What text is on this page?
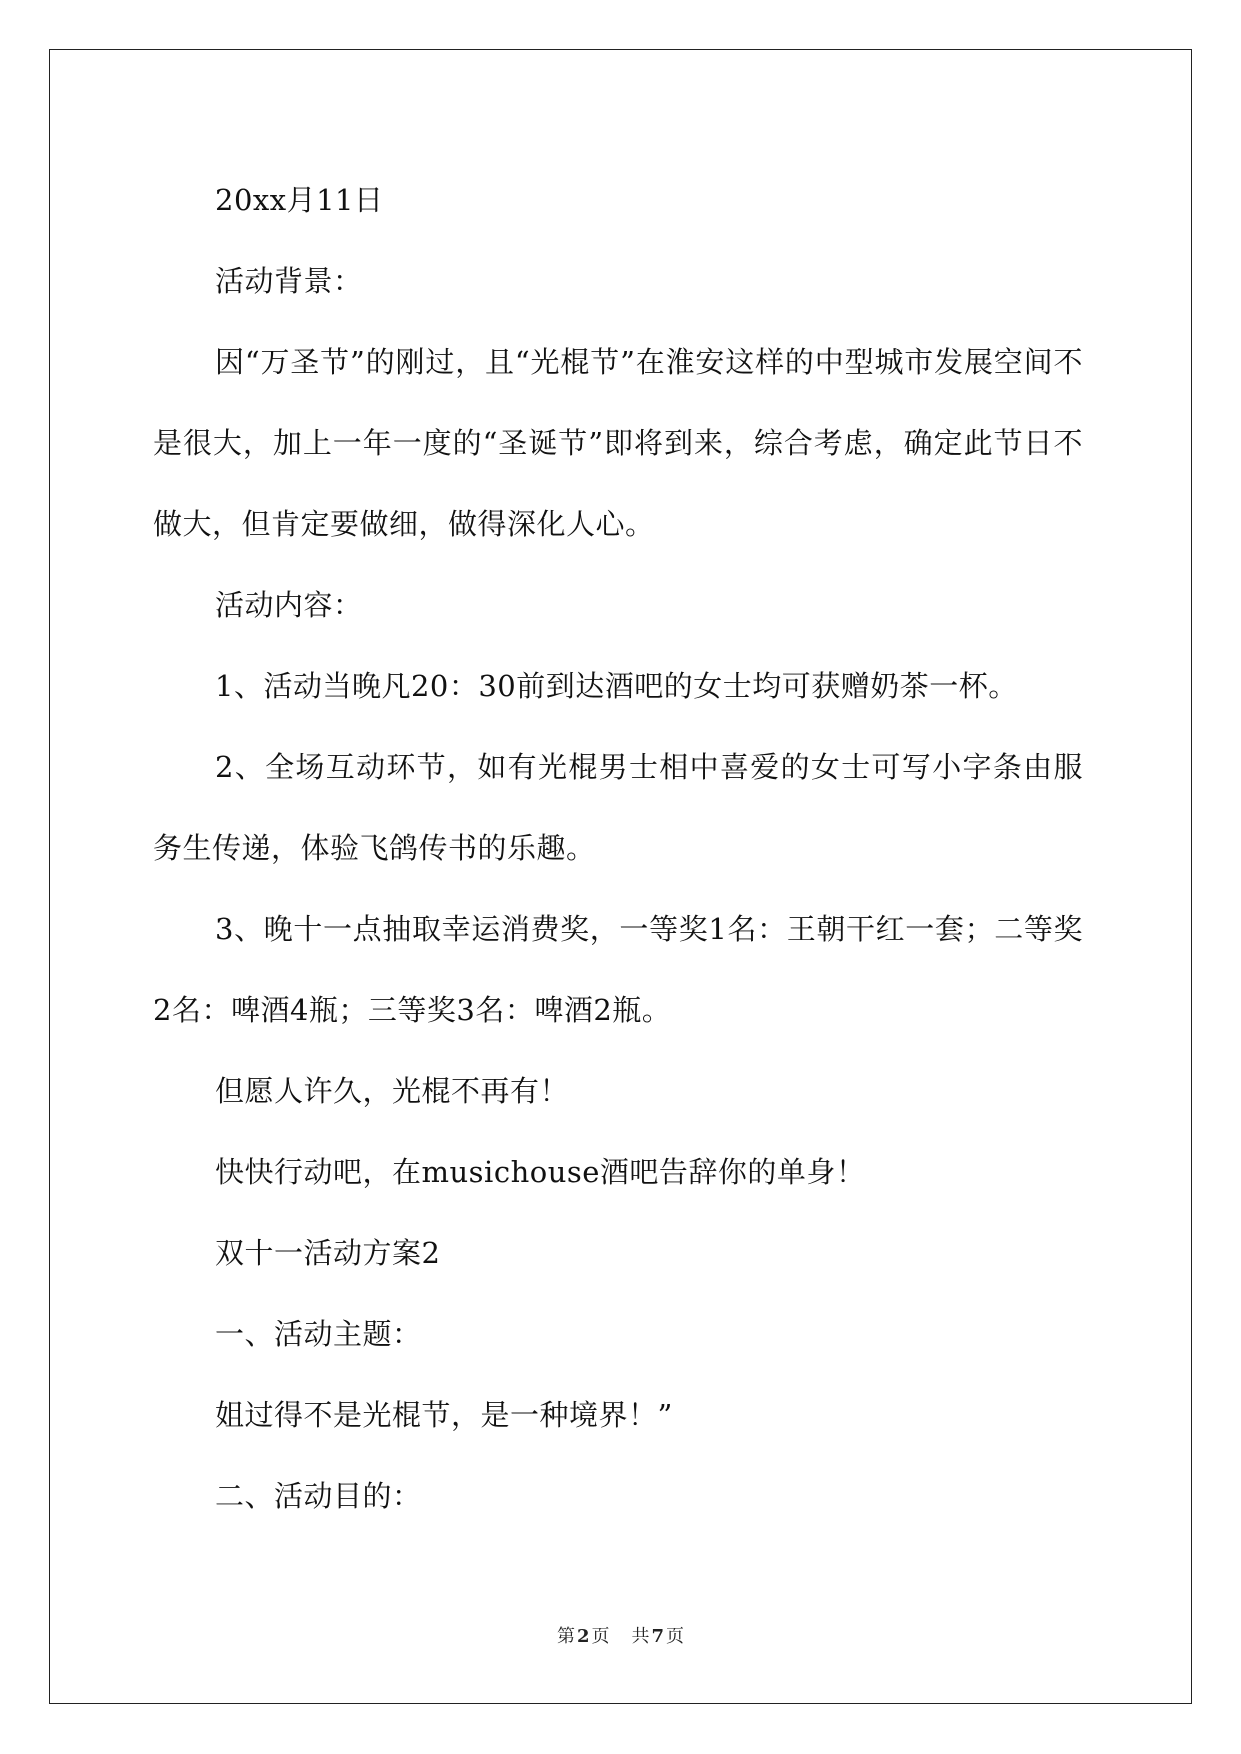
20xx月11日

活动背景：

因“万圣节”的刚过，且“光棍节”在淮安这样的中型城市发展空间不是很大，加上一年一度的“圣诞节”即将到来，综合考虑，确定此节日不做大，但肯定要做细，做得深化人心。

活动内容：

1、活动当晚凡20：30前到达酒吧的女士均可获赠奶茶一杯。

2、全场互动环节，如有光棍男士相中喜爱的女士可写小字条由服务生传递，体验飞鸽传书的乐趣。

3、晚十一点抽取幸运消费奖，一等奖1名：王朝干红一套；二等奖2名：啤酒4瓶；三等奖3名：啤酒2瓶。

但愿人许久，光棍不再有！

快快行动吧，在musichouse酒吧告辞你的单身！

双十一活动方案2

一、活动主题：

姐过得不是光棍节，是一种境界！”

二、活动目的：

第 2 页 共 7 页
